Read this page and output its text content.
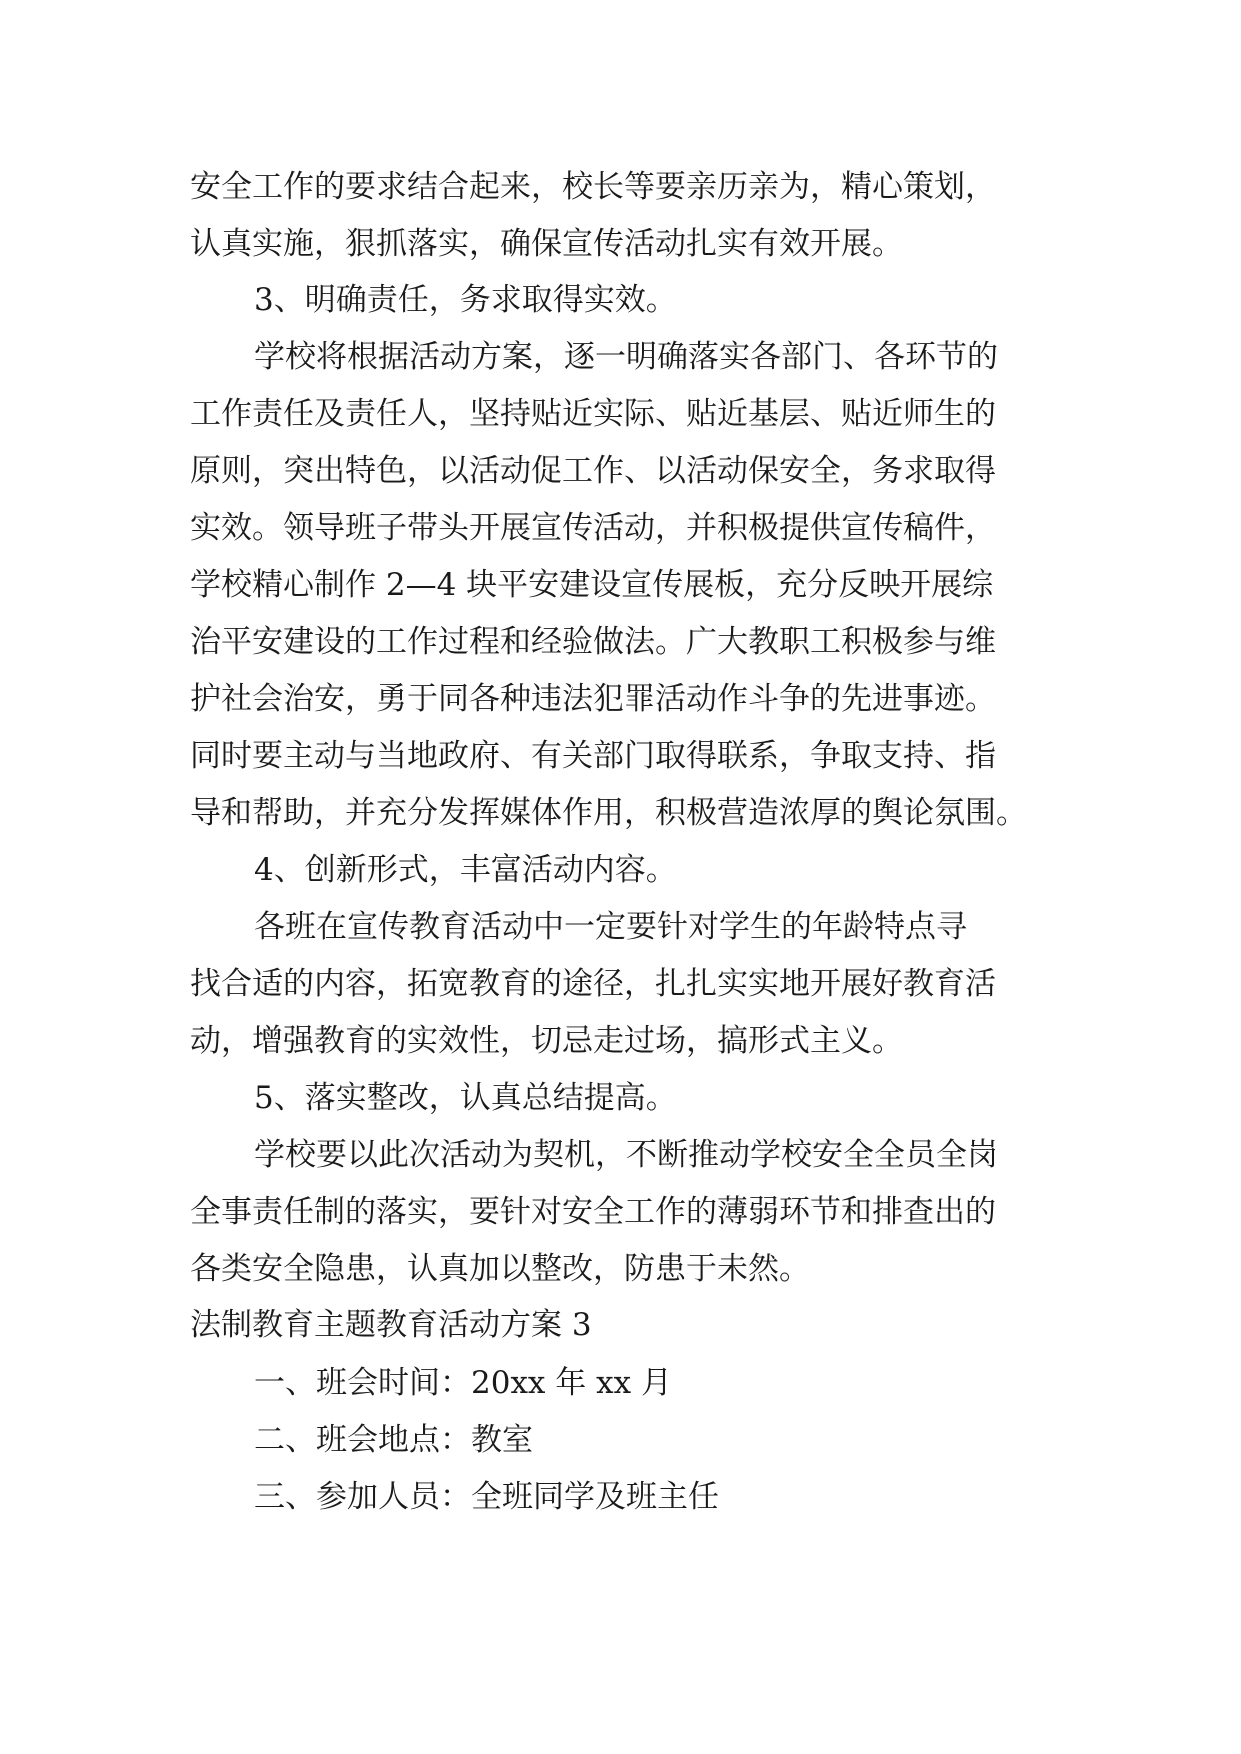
安全工作的要求结合起来，校长等要亲历亲为，精心策划，
认真实施，狠抓落实，确保宣传活动扎实有效开展。
3、明确责任，务求取得实效。
学校将根据活动方案，逐一明确落实各部门、各环节的
工作责任及责任人，坚持贴近实际、贴近基层、贴近师生的
原则，突出特色，以活动促工作、以活动保安全，务求取得
实效。领导班子带头开展宣传活动，并积极提供宣传稿件，
学校精心制作 2—4 块平安建设宣传展板，充分反映开展综
治平安建设的工作过程和经验做法。广大教职工积极参与维
护社会治安，勇于同各种违法犯罪活动作斗争的先进事迹。
同时要主动与当地政府、有关部门取得联系，争取支持、指
导和帮助，并充分发挥媒体作用，积极营造浓厚的舆论氛围。
4、创新形式，丰富活动内容。
各班在宣传教育活动中一定要针对学生的年龄特点寻
找合适的内容，拓宽教育的途径，扎扎实实地开展好教育活
动，增强教育的实效性，切忌走过场，搞形式主义。
5、落实整改，认真总结提高。
学校要以此次活动为契机，不断推动学校安全全员全岗
全事责任制的落实，要针对安全工作的薄弱环节和排查出的
各类安全隐患，认真加以整改，防患于未然。
法制教育主题教育活动方案 3
一、班会时间：20xx 年 xx 月
二、班会地点：教室
三、参加人员：全班同学及班主任
